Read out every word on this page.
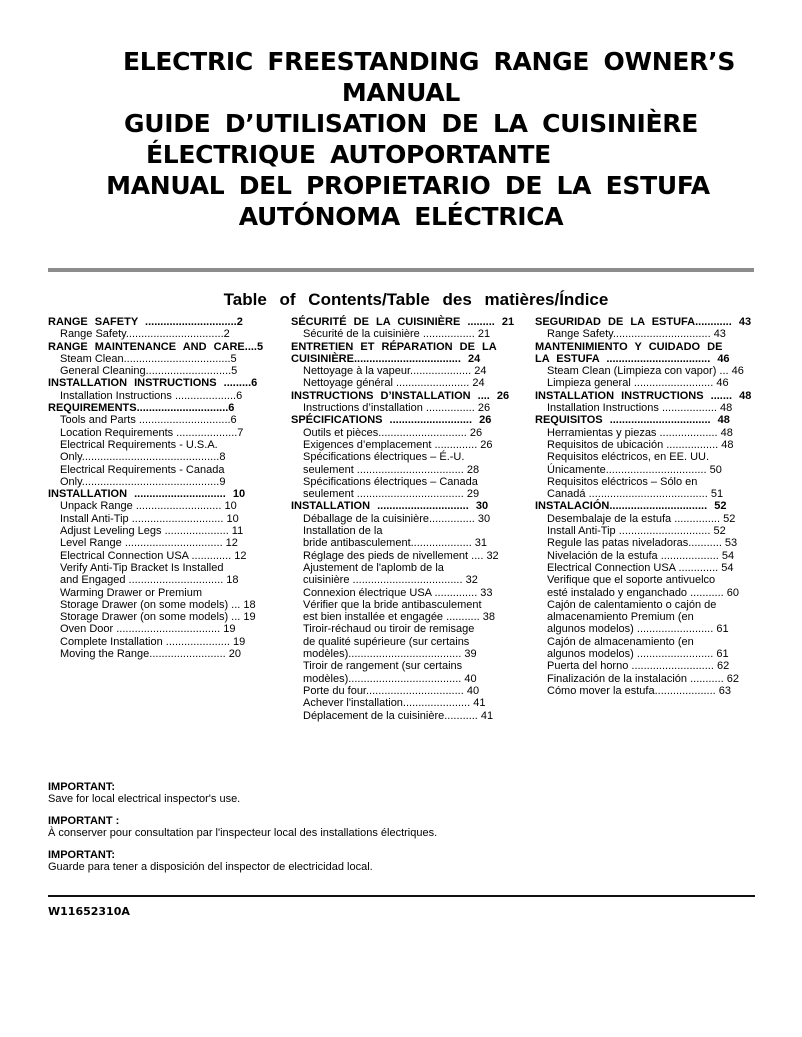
ELECTRIC FREESTANDING RANGE OWNER’S
MANUAL
GUIDE D’UTILISATION DE LA CUISINIÈRE
ÉLECTRIQUE AUTOPORTANTE
MANUAL DEL PROPIETARIO DE LA ESTUFA
AUTÓNOMA ELÉCTRICA
Table of Contents/Table des matières/Índice
RANGE SAFETY ..............................2
Range Safety................................2
RANGE MAINTENANCE AND CARE....5
Steam Clean...................................5
General Cleaning............................5
INSTALLATION INSTRUCTIONS .........6
Installation Instructions ....................6
REQUIREMENTS..............................6
Tools and Parts ..............................6
Location Requirements ....................7
Electrical Requirements - U.S.A.
Only.............................................8
Electrical Requirements - Canada
Only.............................................9
INSTALLATION .............................. 10
Unpack Range ............................ 10
Install Anti-Tip .............................. 10
Adjust Leveling Legs ..................... 11
Level Range ................................ 12
Electrical Connection USA ............. 12
Verify Anti-Tip Bracket Is Installed
and Engaged ............................... 18
Warming Drawer or Premium
Storage Drawer (on some models) ... 18
Storage Drawer (on some models) ... 19
Oven Door .................................. 19
Complete Installation ..................... 19
Moving the Range......................... 20
SÉCURITÉ DE LA CUISINIÈRE ......... 21
Sécurité de la cuisinière ................. 21
ENTRETIEN ET RÉPARATION DE LA
CUISINIÈRE................................... 24
Nettoyage à la vapeur.................... 24
Nettoyage général ........................ 24
INSTRUCTIONS D’INSTALLATION .... 26
Instructions d’installation ................ 26
SPÉCIFICATIONS ........................... 26
Outils et pièces............................. 26
Exigences d’emplacement .............. 26
Spécifications électriques – É.-U.
seulement ................................... 28
Spécifications électriques – Canada
seulement ................................... 29
INSTALLATION .............................. 30
Déballage de la cuisinière............... 30
Installation de la
bride antibasculement.................... 31
Réglage des pieds de nivellement .... 32
Ajustement de l'aplomb de la
cuisinière .................................... 32
Connexion électrique USA .............. 33
Vérifier que la bride antibasculement
est bien installée et engagée ........... 38
Tiroir-réchaud ou tiroir de remisage
de qualité supérieure (sur certains
modèles)..................................... 39
Tiroir de rangement (sur certains
modèles)..................................... 40
Porte du four................................ 40
Achever l'installation...................... 41
Déplacement de la cuisinière........... 41
SEGURIDAD DE LA ESTUFA............ 43
Range Safety................................ 43
MANTENIMIENTO Y CUIDADO DE
LA ESTUFA .................................. 46
Steam Clean (Limpieza con vapor) ... 46
Limpieza general .......................... 46
INSTALLATION INSTRUCTIONS ....... 48
Installation Instructions .................. 48
REQUISITOS ................................. 48
Herramientas y piezas ................... 48
Requisitos de ubicación ................. 48
Requisitos eléctricos, en EE. UU.
Únicamente................................. 50
Requisitos eléctricos – Sólo en
Canadá ....................................... 51
INSTALACIÓN................................ 52
Desembalaje de la estufa ............... 52
Install Anti-Tip .............................. 52
Regule las patas niveladoras........... 53
Nivelación de la estufa ................... 54
Electrical Connection USA ............. 54
Verifique que el soporte antivuelco
esté instalado y enganchado ........... 60
Cajón de calentamiento o cajón de
almacenamiento Premium (en
algunos modelos) ......................... 61
Cajón de almacenamiento (en
algunos modelos) ......................... 61
Puerta del horno ........................... 62
Finalización de la instalación ........... 62
Cómo mover la estufa.................... 63
IMPORTANT:
Save for local electrical inspector's use.
IMPORTANT :
À conserver pour consultation par l'inspecteur local des installations électriques.
IMPORTANT:
Guarde para tener a disposición del inspector de electricidad local.
W11652310A
